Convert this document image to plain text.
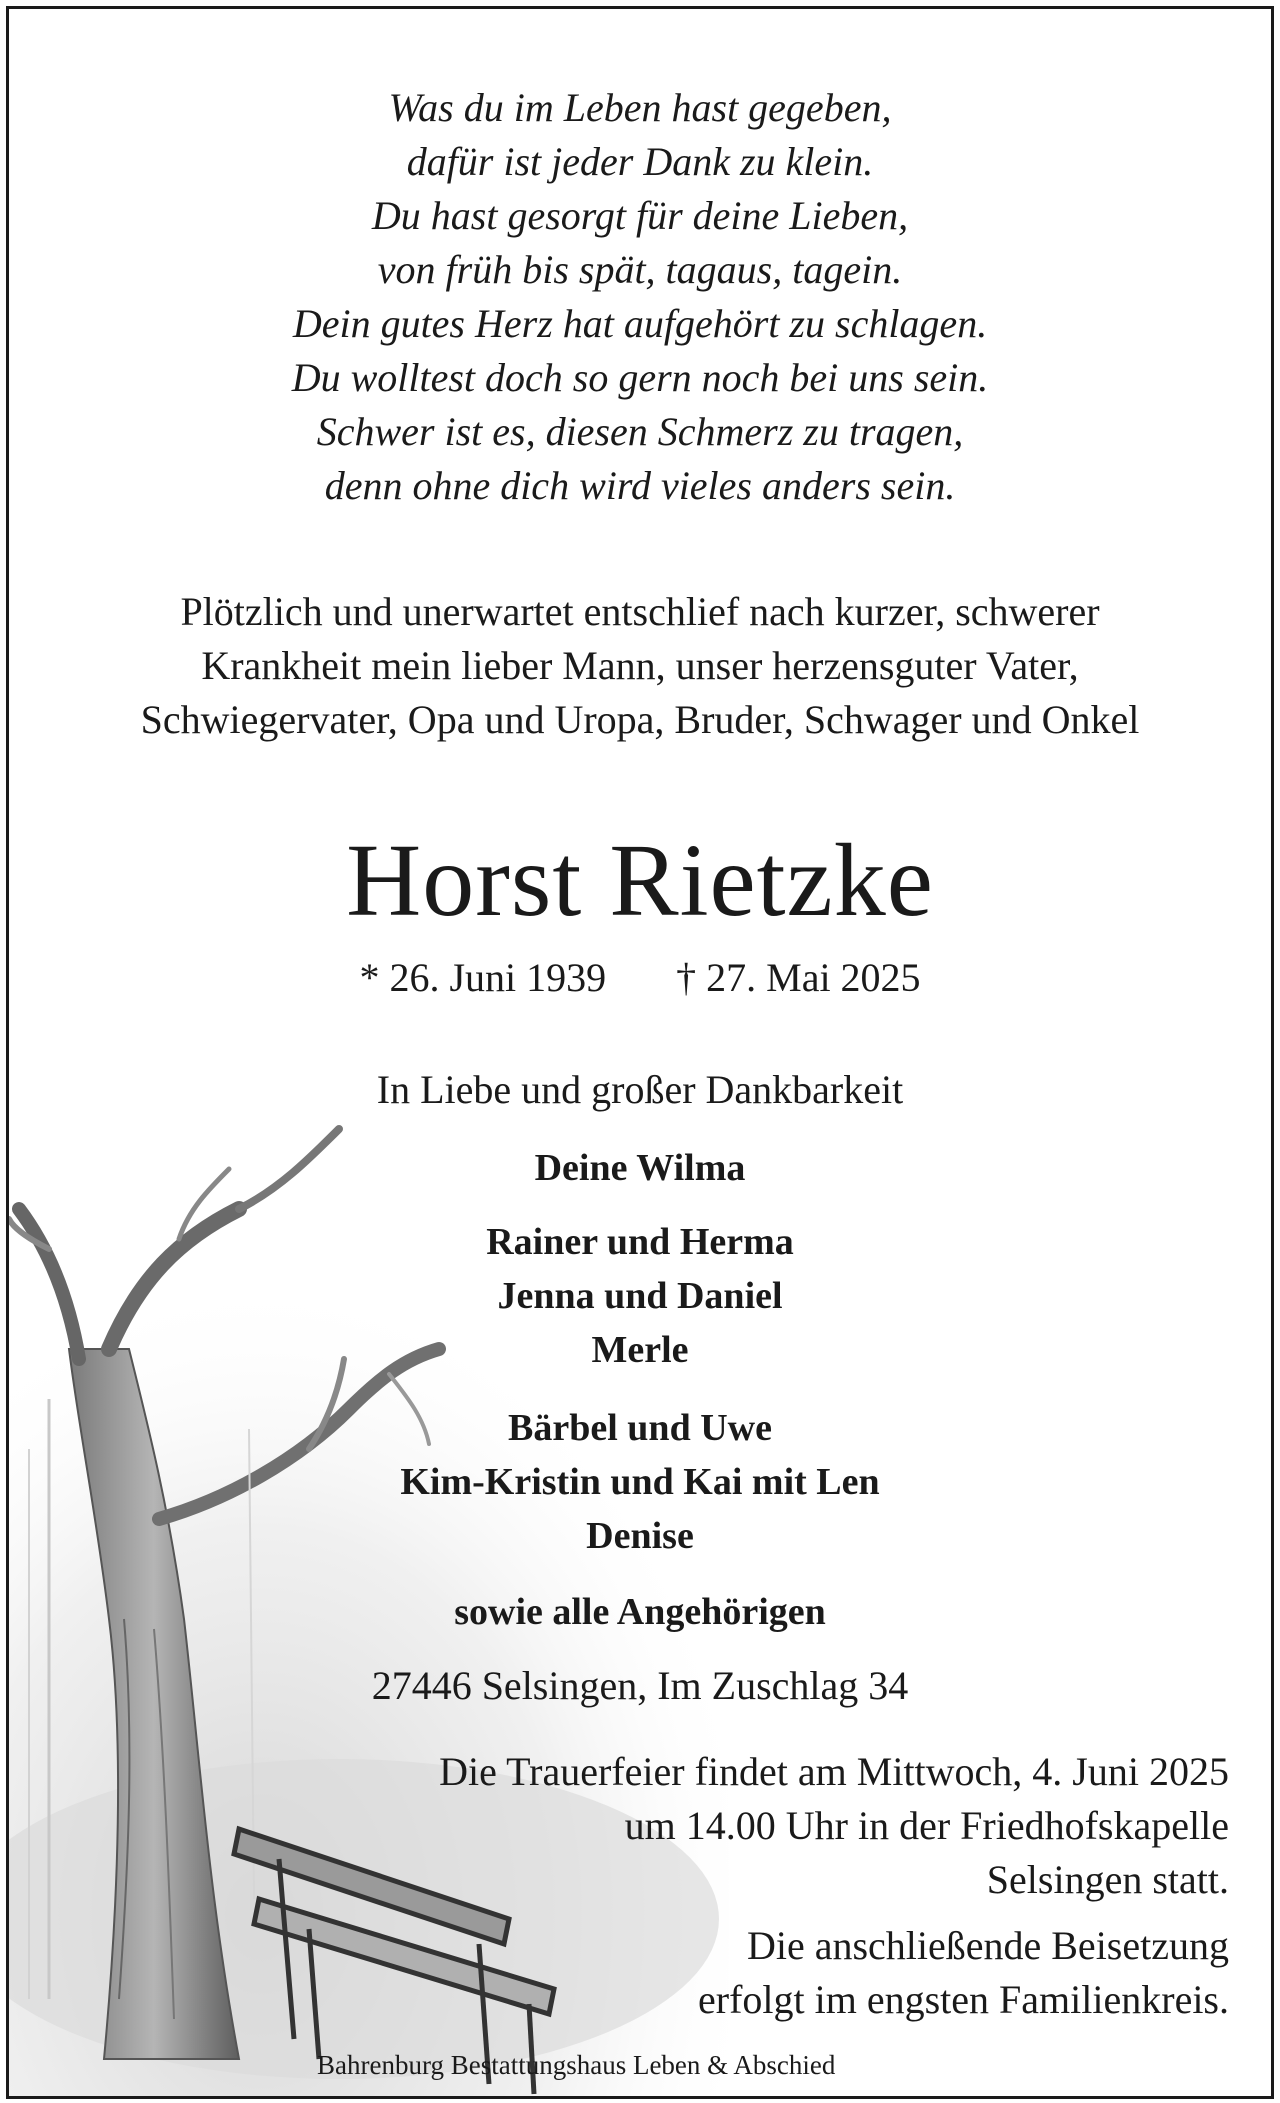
Was du im Leben hast gegeben,
dafür ist jeder Dank zu klein.
Du hast gesorgt für deine Lieben,
von früh bis spät, tagaus, tagein.
Dein gutes Herz hat aufgehört zu schlagen.
Du wolltest doch so gern noch bei uns sein.
Schwer ist es, diesen Schmerz zu tragen,
denn ohne dich wird vieles anders sein.
Plötzlich und unerwartet entschlief nach kurzer, schwerer
Krankheit mein lieber Mann, unser herzensguter Vater,
Schwiegervater, Opa und Uropa, Bruder, Schwager und Onkel
Horst Rietzke
* 26. Juni 1939 † 27. Mai 2025
In Liebe und großer Dankbarkeit
Deine Wilma
Rainer und Herma
Jenna und Daniel
Merle
Bärbel und Uwe
Kim-Kristin und Kai mit Len
Denise
sowie alle Angehörigen
27446 Selsingen, Im Zuschlag 34
Die Trauerfeier findet am Mittwoch, 4. Juni 2025
um 14.00 Uhr in der Friedhofskapelle
Selsingen statt.
Die anschließende Beisetzung
erfolgt im engsten Familienkreis.
Bahrenburg Bestattungshaus Leben & Abschied
